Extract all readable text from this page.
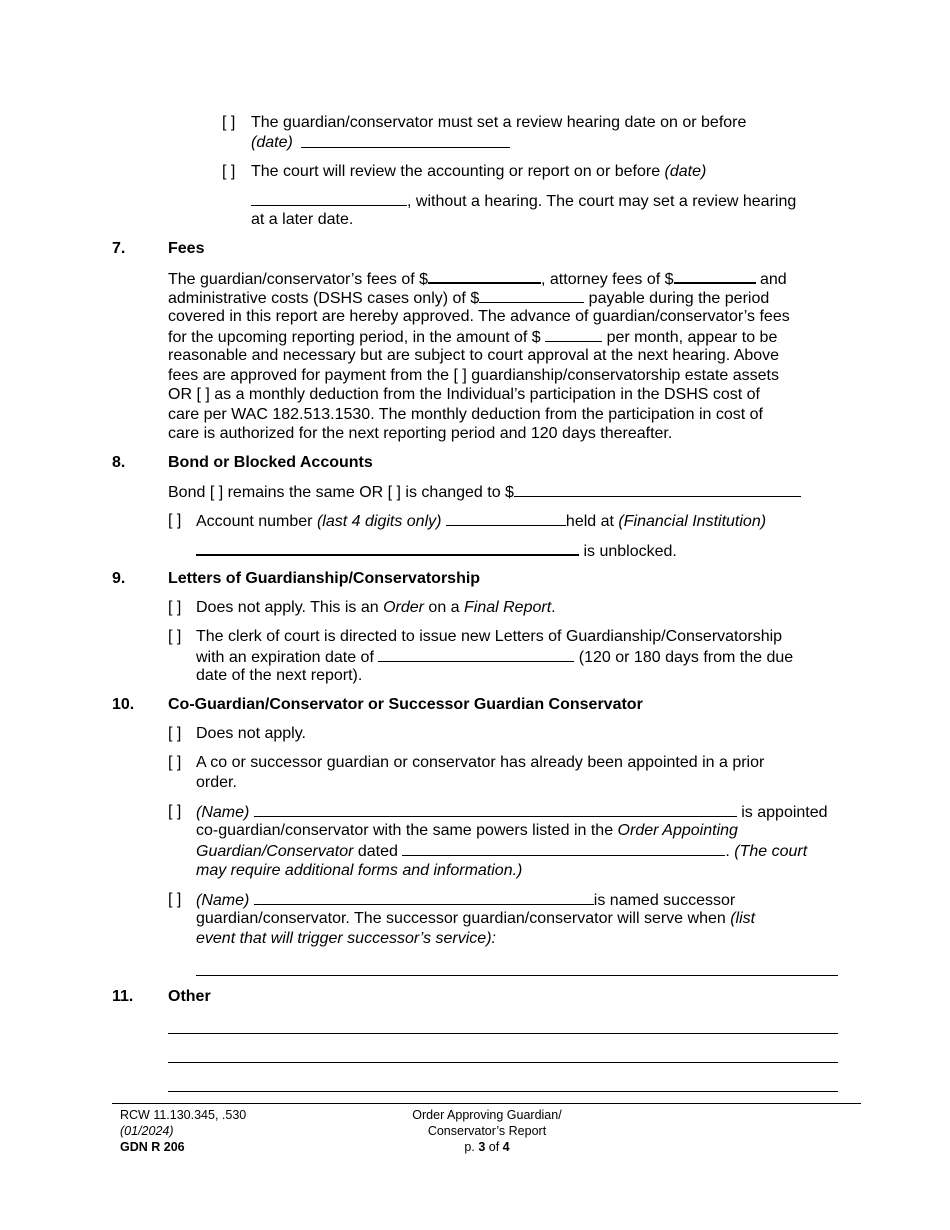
[ ] The guardian/conservator must set a review hearing date on or before
(date)
[ ] The court will review the accounting or report on or before (date)
, without a hearing. The court may set a review hearing
at a later date.
7.	Fees
The guardian/conservator’s fees of $	, attorney fees of $	and
administrative costs (DSHS cases only) of $	payable during the period
covered in this report are hereby approved. The advance of guardian/conservator’s fees
for the upcoming reporting period, in the amount of $	per month, appear to be
reasonable and necessary but are subject to court approval at the next hearing. Above
fees are approved for payment from the [ ] guardianship/conservatorship estate assets
OR [ ] as a monthly deduction from the Individual’s participation in the DSHS cost of
care per WAC 182.513.1530. The monthly deduction from the participation in cost of
care is authorized for the next reporting period and 120 days thereafter.
8.	Bond or Blocked Accounts
Bond [ ] remains the same OR [ ] is changed to $
[ ] Account number (last 4 digits only)	held at (Financial Institution)
is unblocked.
9.	Letters of Guardianship/Conservatorship
[ ] Does not apply. This is an Order on a Final Report.
[ ] The clerk of court is directed to issue new Letters of Guardianship/Conservatorship
with an expiration date of	(120 or 180 days from the due
date of the next report).
10. Co-Guardian/Conservator or Successor Guardian Conservator
[ ] Does not apply.
[ ] A co or successor guardian or conservator has already been appointed in a prior
order.
[ ] (Name)	is appointed
co-guardian/conservator with the same powers listed in the Order Appointing
Guardian/Conservator dated	. (The court
may require additional forms and information.)
[ ] (Name)	is named successor
guardian/conservator. The successor guardian/conservator will serve when (list
event that will trigger successor’s service):
11. Other
RCW 11.130.345, .530
(01/2024)
GDN R 206
Order Approving Guardian/
Conservator’s Report
p. 3 of 4
